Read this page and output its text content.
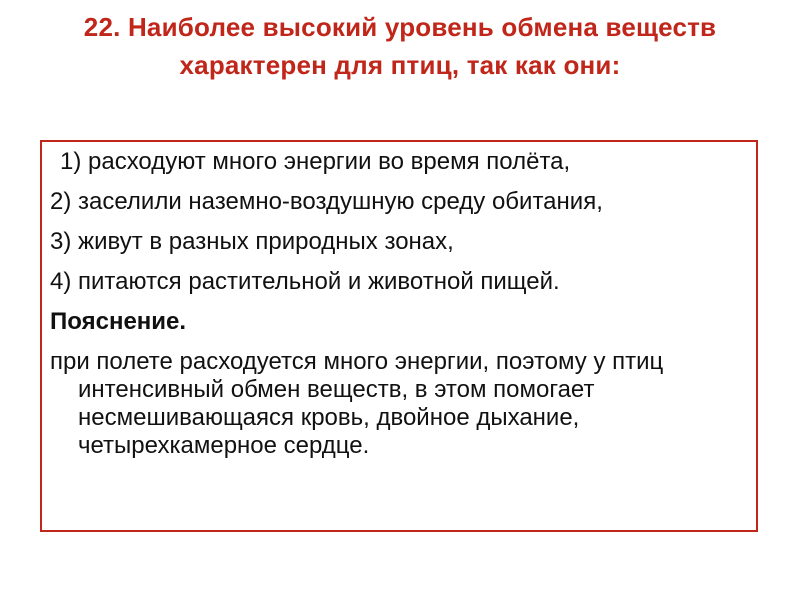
22. Наиболее высокий уровень обмена веществ характерен для птиц, так как они:

1) расходуют много энергии во время полёта,

2) заселили наземно-воздушную среду обитания,

3) живут в разных природных зонах,

4) питаются растительной и животной пищей.

Пояснение.

при полете расходуется много энергии, поэтому у птиц интенсивный обмен веществ, в этом помогает несмешивающаяся кровь, двойное дыхание, четырехкамерное сердце.
